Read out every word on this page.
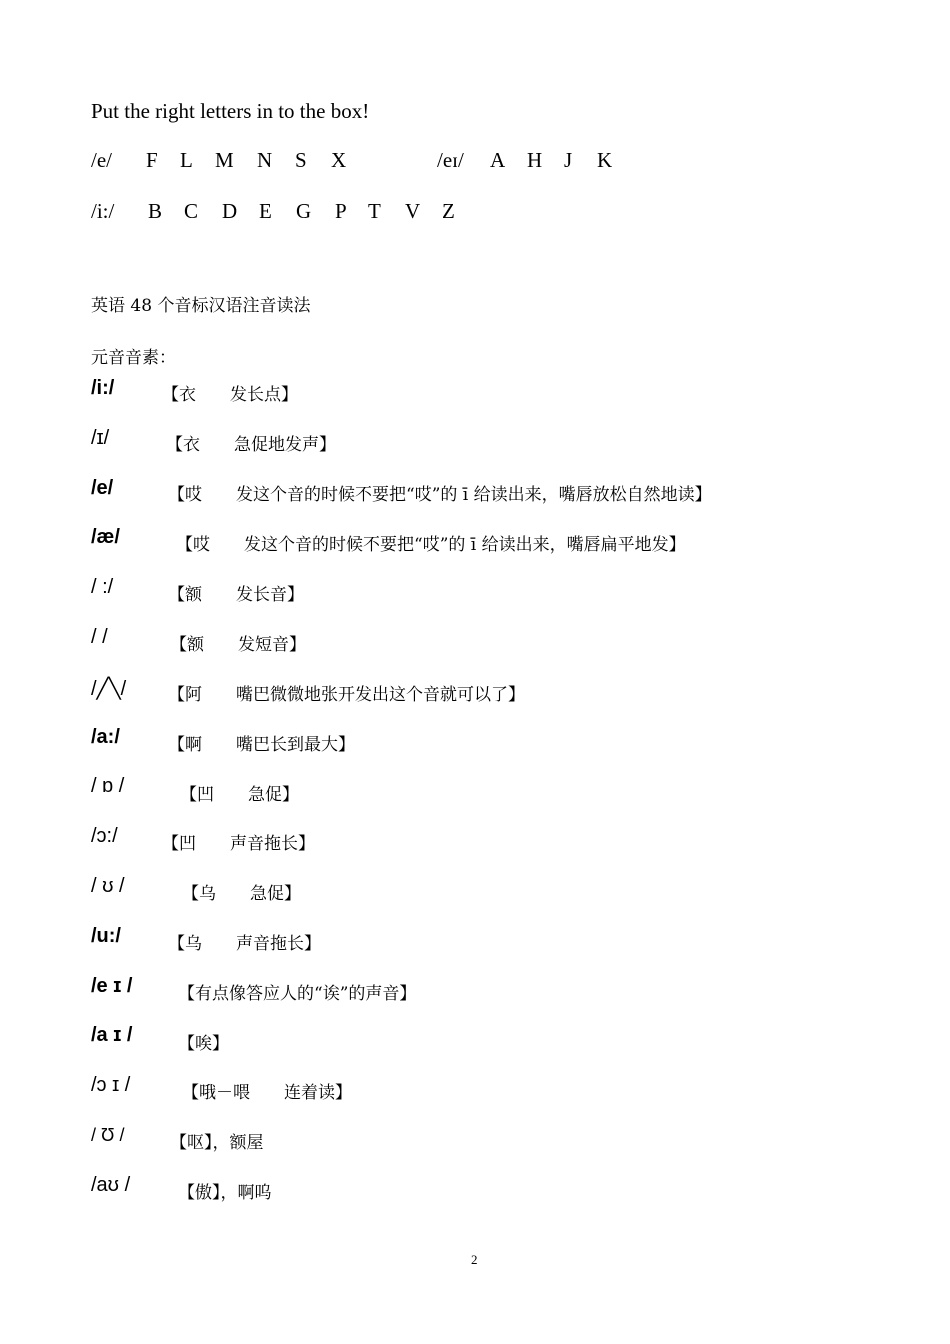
Put the right letters in to the box!
/e/ F L M N S X	/eɪ/ A H J K
/i:/ B C D E G P T V Z
英语 48 个音标汉语注音读法
元音音素：
/i:/	【衣　　发长点】
/ɪ/	【衣　　急促地发声】
/e/	【哎　　发这个音的时候不要把“哎”的 ī 给读出来，嘴唇放松自然地读】
/æ/	【哎　　发这个音的时候不要把“哎”的 ī 给读出来，嘴唇扁平地发】
/ :/	【额　　发长音】
/ /	【额　　发短音】
/╱╲/ 【阿　　嘴巴微微地张开发出这个音就可以了】
/a:/	【啊　　嘴巴长到最大】
/ ɒ /	【凹　　急促】
/ɔ:/	【凹　　声音拖长】
/ ʊ /	【乌　　急促】
/u:/	【乌　　声音拖长】
/e ɪ /	【有点像答应人的“诶”的声音】
/a ɪ /	【唉】
/ɔ ɪ /	【哦－喂　　连着读】
/ Ʊ /	【呕】，额屋
/aʊ /	【傲】，啊呜
2
